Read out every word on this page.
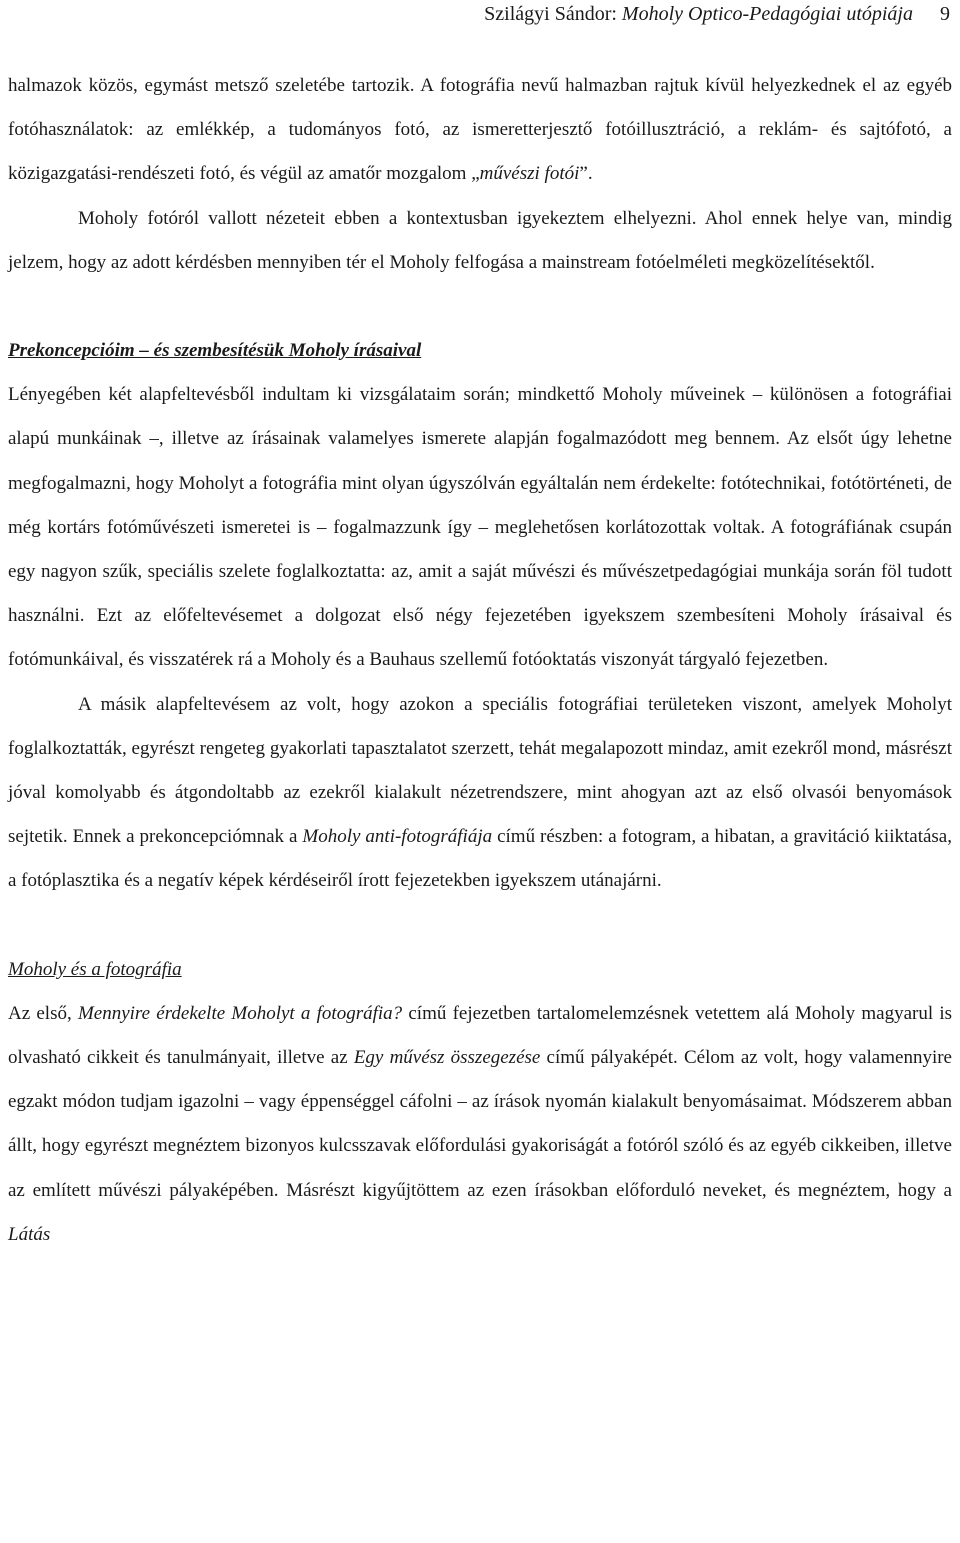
Szilágyi Sándor: Moholy Optico-Pedagógiai utópiája 9

halmazok közös, egymást metsző szeletébe tartozik. A fotográfia nevű halmazban rajtuk kívül helyezkednek el az egyéb fotóhasználatok: az emlékkép, a tudományos fotó, az ismeretterjesztő fotóillusztráció, a reklám- és sajtófotó, a közigazgatási-rendészeti fotó, és végül az amatőr mozgalom „művészi fotói”.

Moholy fotóról vallott nézeteit ebben a kontextusban igyekeztem elhelyezni. Ahol ennek helye van, mindig jelzem, hogy az adott kérdésben mennyiben tér el Moholy felfogása a mainstream fotóelméleti megközelítésektől.

Prekoncepcióim – és szembesítésük Moholy írásaival

Lényegében két alapfeltevésből indultam ki vizsgálataim során; mindkettő Moholy műveinek – különösen a fotográfiai alapú munkáinak –, illetve az írásainak valamelyes ismerete alapján fogalmazódott meg bennem. Az elsőt úgy lehetne megfogalmazni, hogy Moholyt a fotográfia mint olyan úgyszólván egyáltalán nem érdekelte: fotótechnikai, fotótörténeti, de még kortárs fotóművészeti ismeretei is – fogalmazzunk így – meglehetősen korlátozottak voltak. A fotográfiának csupán egy nagyon szűk, speciális szelete foglalkoztatta: az, amit a saját művészi és művészetpedagógiai munkája során föl tudott használni. Ezt az előfeltevésemet a dolgozat első négy fejezetében igyekszem szembesíteni Moholy írásaival és fotómunkáival, és visszatérek rá a Moholy és a Bauhaus szellemű fotóoktatás viszonyát tárgyaló fejezetben.

A másik alapfeltevésem az volt, hogy azokon a speciális fotográfiai területeken viszont, amelyek Moholyt foglalkoztatták, egyrészt rengeteg gyakorlati tapasztalatot szerzett, tehát megalapozott mindaz, amit ezekről mond, másrészt jóval komolyabb és átgondoltabb az ezekről kialakult nézetrendszere, mint ahogyan azt az első olvasói benyomások sejtetik. Ennek a prekoncepciómnak a Moholy anti-fotográfiája című részben: a fotogram, a hibatan, a gravitáció kiiktatása, a fotóplasztika és a negatív képek kérdéseiről írott fejezetekben igyekszem utánajárni.

Moholy és a fotográfia

Az első, Mennyire érdekelte Moholyt a fotográfia? című fejezetben tartalomelemzésnek vetettem alá Moholy magyarul is olvasható cikkeit és tanulmányait, illetve az Egy művész összegezése című pályaképét. Célom az volt, hogy valamennyire egzakt módon tudjam igazolni – vagy éppenséggel cáfolni – az írások nyomán kialakult benyomásaimat. Módszerem abban állt, hogy egyrészt megnéztem bizonyos kulcsszavak előfordulási gyakoriságát a fotóról szóló és az egyéb cikkeiben, illetve az említett művészi pályaképében. Másrészt kigyűjtöttem az ezen írásokban előforduló neveket, és megnéztem, hogy a Látás
